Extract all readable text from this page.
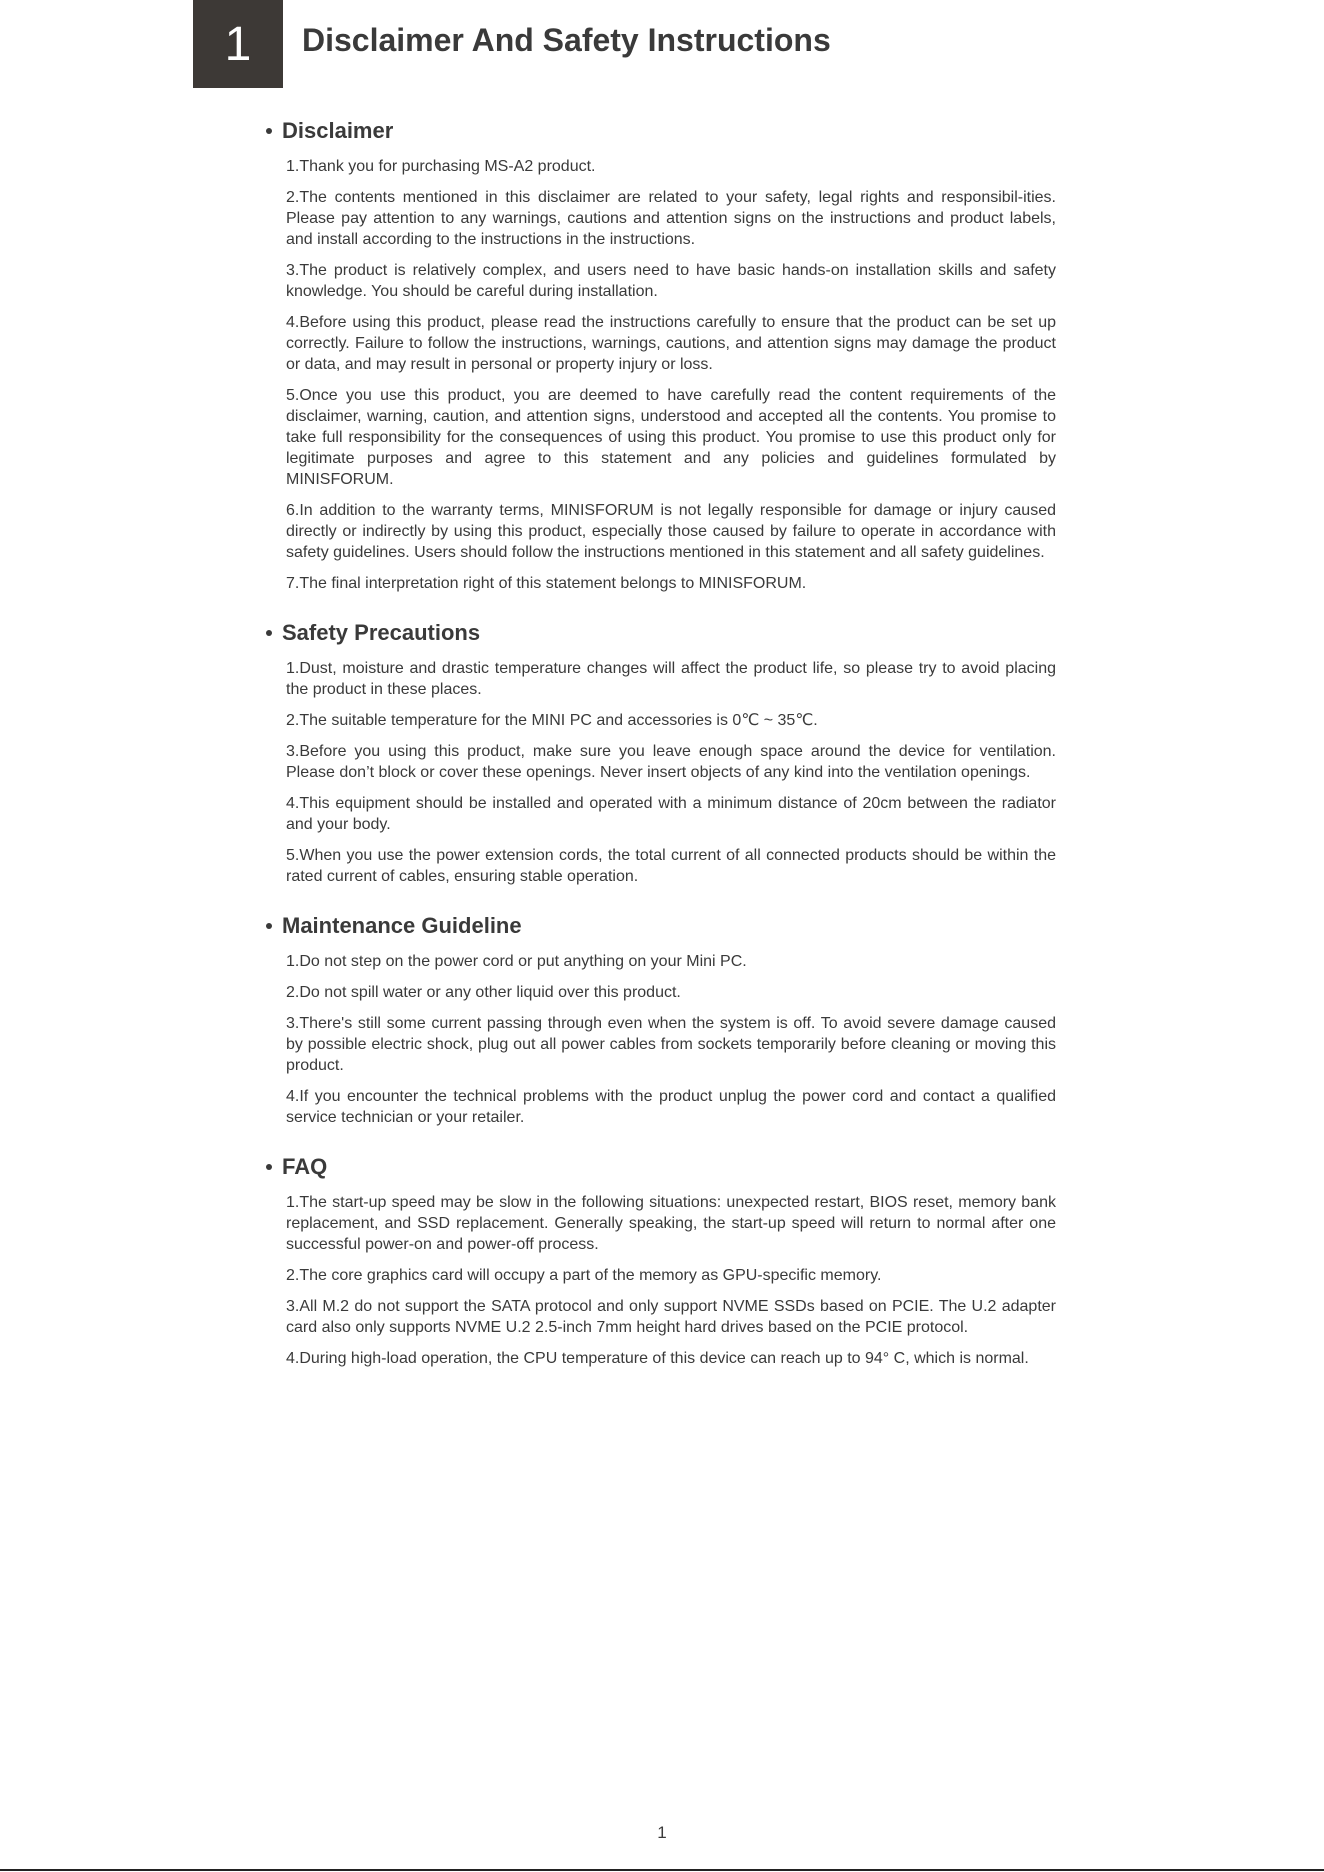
1 Disclaimer And Safety Instructions
Disclaimer

1.Thank you for purchasing MS-A2 product.

2.The contents mentioned in this disclaimer are related to your safety, legal rights and responsibil-ities. Please pay attention to any warnings, cautions and attention signs on the instructions and product labels, and install according to the instructions in the instructions.

3.The product is relatively complex, and users need to have basic hands-on installation skills and safety knowledge. You should be careful during installation.

4.Before using this product, please read the instructions carefully to ensure that the product can be set up correctly. Failure to follow the instructions, warnings, cautions, and attention signs may damage the product or data, and may result in personal or property injury or loss.

5.Once you use this product, you are deemed to have carefully read the content requirements of the disclaimer, warning, caution, and attention signs, understood and accepted all the contents. You promise to take full responsibility for the consequences of using this product. You promise to use this product only for legitimate purposes and agree to this statement and any policies and guidelines formulated by MINISFORUM.

6.In addition to the warranty terms, MINISFORUM is not legally responsible for damage or injury caused directly or indirectly by using this product, especially those caused by failure to operate in accordance with safety guidelines. Users should follow the instructions mentioned in this statement and all safety guidelines.

7.The final interpretation right of this statement belongs to MINISFORUM.

Safety Precautions

1.Dust, moisture and drastic temperature changes will affect the product life, so please try to avoid placing the product in these places.

2.The suitable temperature for the MINI PC and accessories is 0℃ ~ 35℃.

3.Before you using this product, make sure you leave enough space around the device for ventilation. Please don’t block or cover these openings. Never insert objects of any kind into the ventilation openings.

4.This equipment should be installed and operated with a minimum distance of 20cm between the radiator and your body.

5.When you use the power extension cords, the total current of all connected products should be within the rated current of cables, ensuring stable operation.

Maintenance Guideline

1.Do not step on the power cord or put anything on your Mini PC.

2.Do not spill water or any other liquid over this product.

3.There's still some current passing through even when the system is off. To avoid severe damage caused by possible electric shock, plug out all power cables from sockets temporarily before cleaning or moving this product.

4.If you encounter the technical problems with the product unplug the power cord and contact a qualified service technician or your retailer.

FAQ

1.The start-up speed may be slow in the following situations: unexpected restart, BIOS reset, memory bank replacement, and SSD replacement. Generally speaking, the start-up speed will return to normal after one successful power-on and power-off process.

2.The core graphics card will occupy a part of the memory as GPU-specific memory.

3.All M.2 do not support the SATA protocol and only support NVME SSDs based on PCIE. The U.2 adapter card also only supports NVME U.2 2.5-inch 7mm height hard drives based on the PCIE protocol.

4.During high-load operation, the CPU temperature of this device can reach up to 94° C, which is normal.

1
